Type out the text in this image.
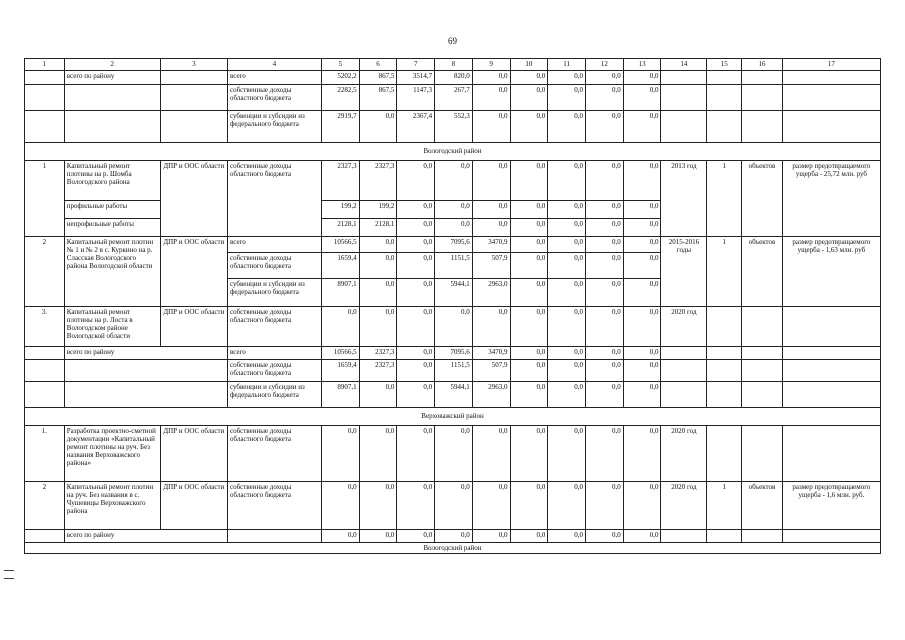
69
1	2	3	4	5	6	7	8	9	10	11	12	13	14	15	16	17
	всего по району		всего	5202,2	867,5	3514,7	820,0	0,0	0,0	0,0	0,0	0,0				
			собственные доходы областного бюджета	2282,5	867,5	1147,3	267,7	0,0	0,0	0,0	0,0	0,0				
			субвенции и субсидии из федерального бюджета	2919,7	0,0	2367,4	552,3	0,0	0,0	0,0	0,0	0,0				
Вологодский район																
1	Капитальный ремонт плотины на р. Шомба Вологодского района	ДПР и ООС области	собственные доходы областного бюджета	2327,3	2327,3	0,0	0,0	0,0	0,0	0,0	0,0	0,0	2013 год	1	объектов	размер предотвращаемого ущерба - 25,72 млн. руб
	профильные работы			199,2	199,2	0,0	0,0	0,0	0,0	0,0	0,0	0,0				
	непрофильные работы			2128,1	2128,1	0,0	0,0	0,0	0,0	0,0	0,0	0,0				
2	Капитальный ремонт плотин № 1 и № 2 в с. Куркино на р. Сласская Вологодского района Вологодской области	ДПР и ООС области	всего	10566,5	0,0	0,0	7095,6	3470,9	0,0	0,0	0,0	0,0	2015-2016 годы	1	объектов	размер предотвращаемого ущерба - 1,63 млн. руб
			собственные доходы областного бюджета	1659,4	0,0	0,0	1151,5	507,9	0,0	0,0	0,0	0,0				
			субвенции и субсидии из федерального бюджета	8907,1	0,0	0,0	5944,1	2963,0	0,0	0,0	0,0	0,0				
3.	Капитальный ремонт плотины на р. Лоста в Вологодском районе Вологодской области	ДПР и ООС области	собственные доходы областного бюджета	0,0	0,0	0,0	0,0	0,0	0,0	0,0	0,0	0,0	2020 год			
	всего по району		всего	10566,5	2327,3	0,0	7095,6	3470,9	0,0	0,0	0,0	0,0				
			собственные доходы областного бюджета	1659,4	2327,3	0,0	1151,5	507,9	0,0	0,0	0,0	0,0				
			субвенции и субсидии из федерального бюджета	8907,1	0,0	0,0	5944,1	2963,0	0,0	0,0	0,0	0,0				
Верховажский район																
1.	Разработка проектно-сметной документации «Капитальный ремонт плотины на руч. Без названия Верховажского района»	ДПР и ООС области	собственные доходы областного бюджета	0,0	0,0	0,0	0,0	0,0	0,0	0,0	0,0	0,0	2020 год			
2	Капитальный ремонт плотин на руч. Без названия в с. Чушевицы Верховажского района	ДПР и ООС области	собственные доходы областного бюджета	0,0	0,0	0,0	0,0	0,0	0,0	0,0	0,0	0,0	2020 год	1	объектов	размер предотвращаемого ущерба - 1,6 млн. руб.
	всего по району			0,0	0,0	0,0	0,0	0,0	0,0	0,0	0,0	0,0				
Вологодский район																
